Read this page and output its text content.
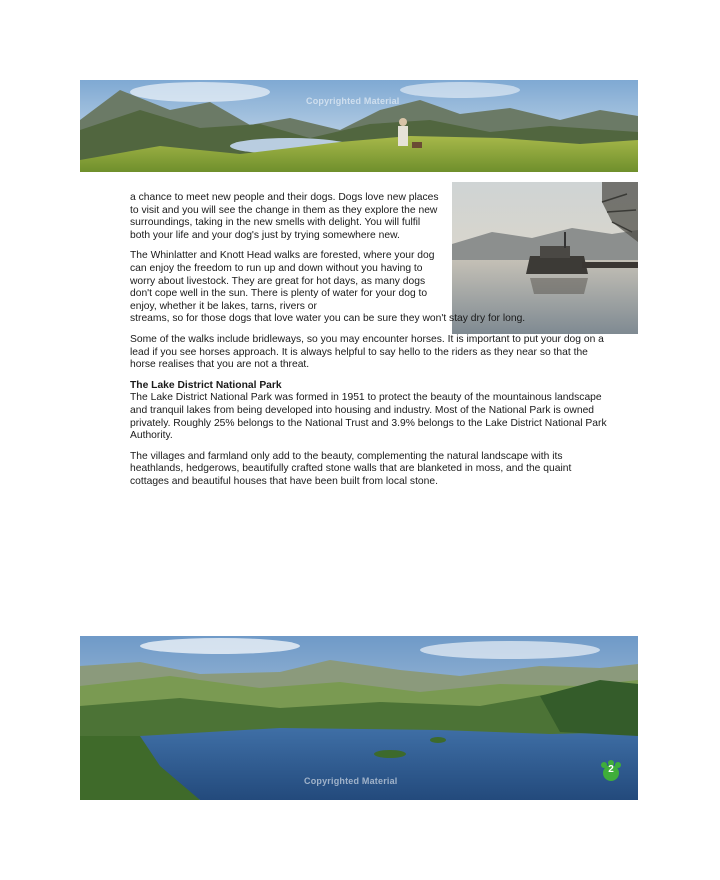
Copyrighted Material
Copyrighted Material
2

a chance to meet new people and their dogs. Dogs love new places to visit and you will see the change in them as they explore the new surroundings, taking in the new smells with delight. You will fulfil both your life and your dog's just by trying somewhere new.

The Whinlatter and Knott Head walks are forested, where your dog can enjoy the freedom to run up and down without you having to worry about livestock. They are great for hot days, as many dogs don't cope well in the sun. There is plenty of water for your dog to enjoy, whether it be lakes, tarns, rivers or

streams, so for those dogs that love water you can be sure they won't stay dry for long.

Some of the walks include bridleways, so you may encounter horses. It is important to put your dog on a lead if you see horses approach. It is always helpful to say hello to the riders as they near so that the horse realises that you are not a threat.

The Lake District National Park

The Lake District National Park was formed in 1951 to protect the beauty of the mountainous landscape and tranquil lakes from being developed into housing and industry. Most of the National Park is owned privately. Roughly 25% belongs to the National Trust and 3.9% belongs to the Lake District National Park Authority.

The villages and farmland only add to the beauty, complementing the natural landscape with its heathlands, hedgerows, beautifully crafted stone walls that are blanketed in moss, and the quaint cottages and beautiful houses that have been built from local stone.
